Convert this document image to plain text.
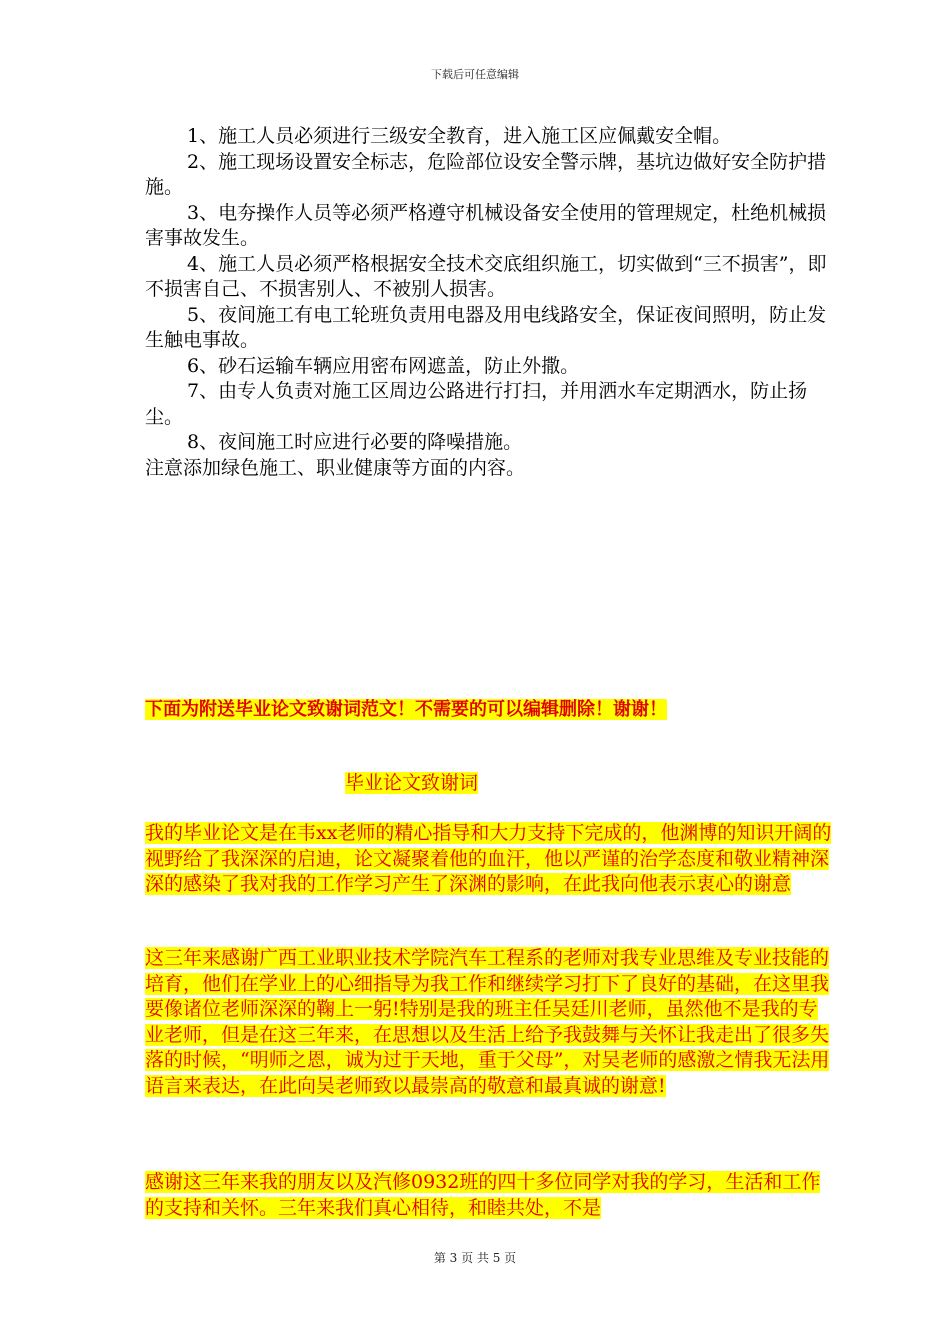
下载后可任意编辑

1、施工人员必须进行三级安全教育，进入施工区应佩戴安全帽。

2、施工现场设置安全标志，危险部位设安全警示牌，基坑边做好安全防护措施。

3、电夯操作人员等必须严格遵守机械设备安全使用的管理规定，杜绝机械损害事故发生。

4、施工人员必须严格根据安全技术交底组织施工，切实做到“三不损害”，即不损害自己、不损害别人、不被别人损害。

5、夜间施工有电工轮班负责用电器及用电线路安全，保证夜间照明，防止发生触电事故。

6、砂石运输车辆应用密布网遮盖，防止外撒。

7、由专人负责对施工区周边公路进行打扫，并用洒水车定期洒水，防止扬尘。

8、夜间施工时应进行必要的降噪措施。

注意添加绿色施工、职业健康等方面的内容。

下面为附送毕业论文致谢词范文！不需要的可以编辑删除！谢谢！
毕业论文致谢词

我的毕业论文是在韦xx老师的精心指导和大力支持下完成的，他渊博的知识开阔的视野给了我深深的启迪，论文凝聚着他的血汗，他以严谨的治学态度和敬业精神深深的感染了我对我的工作学习产生了深渊的影响，在此我向他表示衷心的谢意

这三年来感谢广西工业职业技术学院汽车工程系的老师对我专业思维及专业技能的培育，他们在学业上的心细指导为我工作和继续学习打下了良好的基础，在这里我要像诸位老师深深的鞠上一躬!特别是我的班主任吴廷川老师，虽然他不是我的专业老师，但是在这三年来，在思想以及生活上给予我鼓舞与关怀让我走出了很多失落的时候，“明师之恩，诚为过于天地，重于父母”，对吴老师的感激之情我无法用语言来表达，在此向吴老师致以最崇高的敬意和最真诚的谢意!

感谢这三年来我的朋友以及汽修0932班的四十多位同学对我的学习，生活和工作的支持和关怀。三年来我们真心相待，和睦共处，不是

第 3 页 共 5 页
